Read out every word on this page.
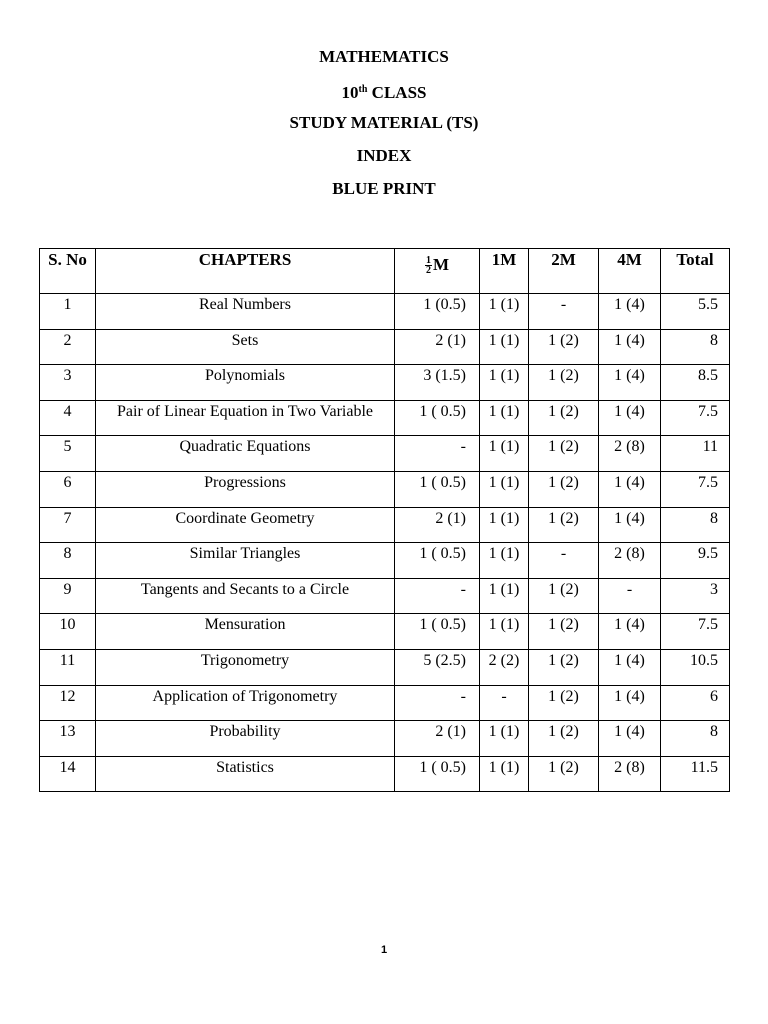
MATHEMATICS
10th CLASS
STUDY MATERIAL (TS)
INDEX
BLUE PRINT
S. No	CHAPTERS	$\frac{1}{2}$ M	1M	2M	4M	Total
1	Real Numbers	1 (0.5)	1 (1)	-	1 (4)	5.5
2	Sets	2 (1)	1 (1)	1 (2)	1 (4)	8
3	Polynomials	3 (1.5)	1 (1)	1 (2)	1 (4)	8.5
4	Pair of Linear Equation in Two Variable	1 ( 0.5)	1 (1)	1 (2)	1 (4)	7.5
5	Quadratic Equations	-	1 (1)	1 (2)	2 (8)	11
6	Progressions	1 ( 0.5)	1 (1)	1 (2)	1 (4)	7.5
7	Coordinate Geometry	2 (1)	1 (1)	1 (2)	1 (4)	8
8	Similar Triangles	1 ( 0.5)	1 (1)	-	2 (8)	9.5
9	Tangents and Secants to a Circle	-	1 (1)	1 (2)	-	3
10	Mensuration	1 ( 0.5)	1 (1)	1 (2)	1 (4)	7.5
11	Trigonometry	5 (2.5)	2 (2)	1 (2)	1 (4)	10.5
12	Application of Trigonometry	-	-	1 (2)	1 (4)	6
13	Probability	2 (1)	1 (1)	1 (2)	1 (4)	8
14	Statistics	1 ( 0.5)	1 (1)	1 (2)	2 (8)	11.5
1
